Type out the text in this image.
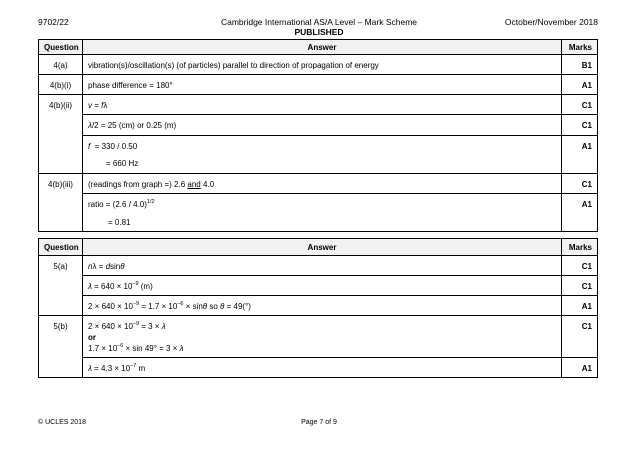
9702/22	Cambridge International AS/A Level – Mark Scheme	October/November 2018
PUBLISHED
Question	Answer	Marks
4(a)	vibration(s)/oscillation(s) (of particles) parallel to direction of propagation of energy	B1
4(b)(i)	phase difference = 180°	A1
4(b)(ii)	v = fλ	C1
	λ/2 = 25 (cm) or 0.25 (m)	C1

	f = 330 / 0.50
= 660 Hz	A1
4(b)(iii)	(readings from graph =) 2.6 and 4.0	C1

	ratio = (2.6 / 4.0)$^{1/2}$
= 0.81	A1
Question	Answer	Marks
5(a)	nλ = dsinθ	C1
	$\lambda = 640 \times 10^{-9}$ (m)	C1
	$2 \times 640 \times 10^{-9} = 1.7 \times 10^{-6} \times \sin\theta$ so θ = 49(°)	A1
5(b)	$2 \times 640 \times 10^{-9} = 3 \times \lambda$
or
$1.7 \times 10^{-6} \times \sin 49^\circ = 3 \times \lambda$	C1
	$\lambda = 4.3 \times 10^{-7}$ m	A1
© UCLES 2018	Page 7 of 9
